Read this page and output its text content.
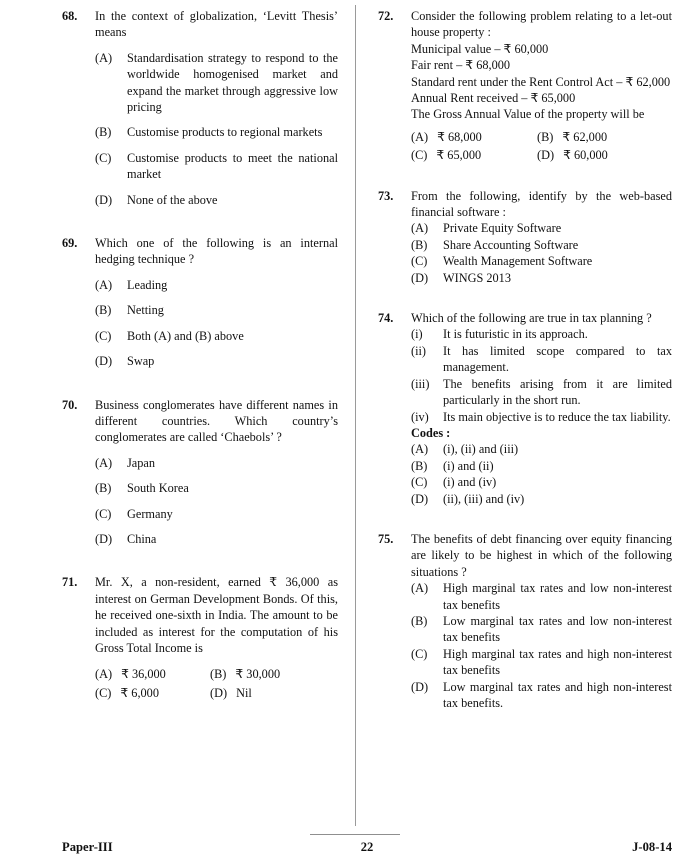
68. In the context of globalization, ‘Levitt Thesis’ means

(A) Standardisation strategy to respond to the worldwide homogenised market and expand the market through aggressive low pricing
(B) Customise products to regional markets
(C) Customise products to meet the national market
(D) None of the above
69. Which one of the following is an internal hedging technique ?

(A) Leading
(B) Netting
(C) Both (A) and (B) above
(D) Swap
70. Business conglomerates have different names in different countries. Which country’s conglomerates are called ‘Chaebols’ ?

(A) Japan
(B) South Korea
(C) Germany
(D) China
71. Mr. X, a non-resident, earned ₹ 36,000 as interest on German Development Bonds. Of this, he received one-sixth in India. The amount to be included as interest for the computation of his Gross Total Income is

(A) ₹ 36,000	(B) ₹ 30,000
(C) ₹ 6,000	(D) Nil
72. Consider the following problem relating to a let-out house property :

Municipal value – ₹ 60,000
Fair rent – ₹ 68,000
Standard rent under the Rent Control Act – ₹ 62,000
Annual Rent received – ₹ 65,000

The Gross Annual Value of the property will be

(A) ₹ 68,000	(B) ₹ 62,000
(C) ₹ 65,000	(D) ₹ 60,000
73. From the following, identify by the web-based financial software :

(A) Private Equity Software
(B) Share Accounting Software
(C) Wealth Management Software
(D) WINGS 2013
74. Which of the following are true in tax planning ?

(i) It is futuristic in its approach.
(ii) It has limited scope compared to tax management.
(iii) The benefits arising from it are limited particularly in the short run.
(iv) Its main objective is to reduce the tax liability.
Codes :
(A) (i), (ii) and (iii)
(B) (i) and (ii)
(C) (i) and (iv)
(D) (ii), (iii) and (iv)
75. The benefits of debt financing over equity financing are likely to be highest in which of the following situations ?

(A) High marginal tax rates and low non-interest tax benefits
(B) Low marginal tax rates and low non-interest tax benefits
(C) High marginal tax rates and high non-interest tax benefits
(D) Low marginal tax rates and high non-interest tax benefits.
Paper-III	22	J-08-14
